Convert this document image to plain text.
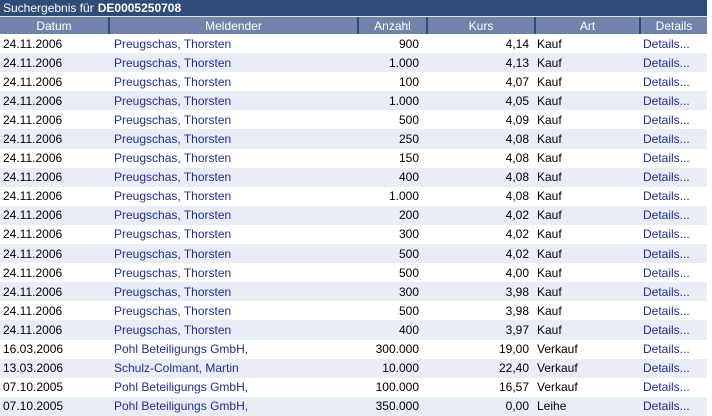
Suchergebnis für DE0005250708
Datum	Meldender	Anzahl	Kurs	Art	Details
24.11.2006	Preugschas, Thorsten	900	4,14	Kauf	Details...
24.11.2006	Preugschas, Thorsten	1.000	4,13	Kauf	Details...
24.11.2006	Preugschas, Thorsten	100	4,07	Kauf	Details...
24.11.2006	Preugschas, Thorsten	1.000	4,05	Kauf	Details...
24.11.2006	Preugschas, Thorsten	500	4,09	Kauf	Details...
24.11.2006	Preugschas, Thorsten	250	4,08	Kauf	Details...
24.11.2006	Preugschas, Thorsten	150	4,08	Kauf	Details...
24.11.2006	Preugschas, Thorsten	400	4,08	Kauf	Details...
24.11.2006	Preugschas, Thorsten	1.000	4,08	Kauf	Details...
24.11.2006	Preugschas, Thorsten	200	4,02	Kauf	Details...
24.11.2006	Preugschas, Thorsten	300	4,02	Kauf	Details...
24.11.2006	Preugschas, Thorsten	500	4,02	Kauf	Details...
24.11.2006	Preugschas, Thorsten	500	4,00	Kauf	Details...
24.11.2006	Preugschas, Thorsten	300	3,98	Kauf	Details...
24.11.2006	Preugschas, Thorsten	500	3,98	Kauf	Details...
24.11.2006	Preugschas, Thorsten	400	3,97	Kauf	Details...
16.03.2006	Pohl Beteiligungs GmbH,	300.000	19,00	Verkauf	Details...
13.03.2006	Schulz-Colmant, Martin	10.000	22,40	Verkauf	Details...
07.10.2005	Pohl Beteiligungs GmbH,	100.000	16,57	Verkauf	Details...
07.10.2005	Pohl Beteiligungs GmbH,	350.000	0,00	Leihe	Details...
